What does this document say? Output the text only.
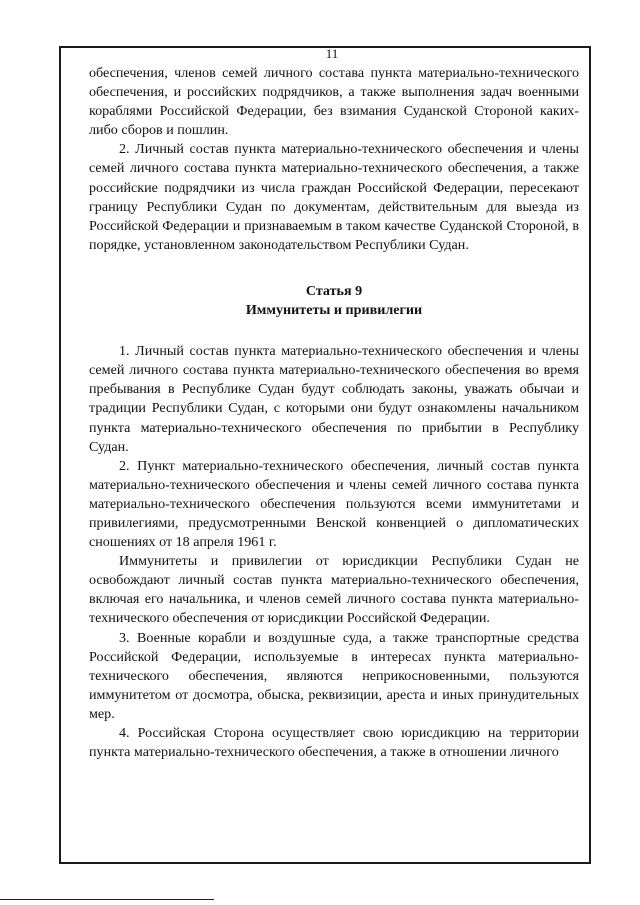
11

обеспечения, членов семей личного состава пункта материально-технического обеспечения, и российских подрядчиков, а также выполнения задач военными кораблями Российской Федерации, без взимания Суданской Стороной каких-либо сборов и пошлин.

2. Личный состав пункта материально-технического обеспечения и члены семей личного состава пункта материально-технического обеспечения, а также российские подрядчики из числа граждан Российской Федерации, пересекают границу Республики Судан по документам, действительным для выезда из Российской Федерации и признаваемым в таком качестве Суданской Стороной, в порядке, установленном законодательством Республики Судан.

Статья 9
Иммунитеты и привилегии

1. Личный состав пункта материально-технического обеспечения и члены семей личного состава пункта материально-технического обеспечения во время пребывания в Республике Судан будут соблюдать законы, уважать обычаи и традиции Республики Судан, с которыми они будут ознакомлены начальником пункта материально-технического обеспечения по прибытии в Республику Судан.

2. Пункт материально-технического обеспечения, личный состав пункта материально-технического обеспечения и члены семей личного состава пункта материально-технического обеспечения пользуются всеми иммунитетами и привилегиями, предусмотренными Венской конвенцией о дипломатических сношениях от 18 апреля 1961 г.

Иммунитеты и привилегии от юрисдикции Республики Судан не освобождают личный состав пункта материально-технического обеспечения, включая его начальника, и членов семей личного состава пункта материально-технического обеспечения от юрисдикции Российской Федерации.

3. Военные корабли и воздушные суда, а также транспортные средства Российской Федерации, используемые в интересах пункта материально-технического обеспечения, являются неприкосновенными, пользуются иммунитетом от досмотра, обыска, реквизиции, ареста и иных принудительных мер.

4. Российская Сторона осуществляет свою юрисдикцию на территории пункта материально-технического обеспечения, а также в отношении личного
